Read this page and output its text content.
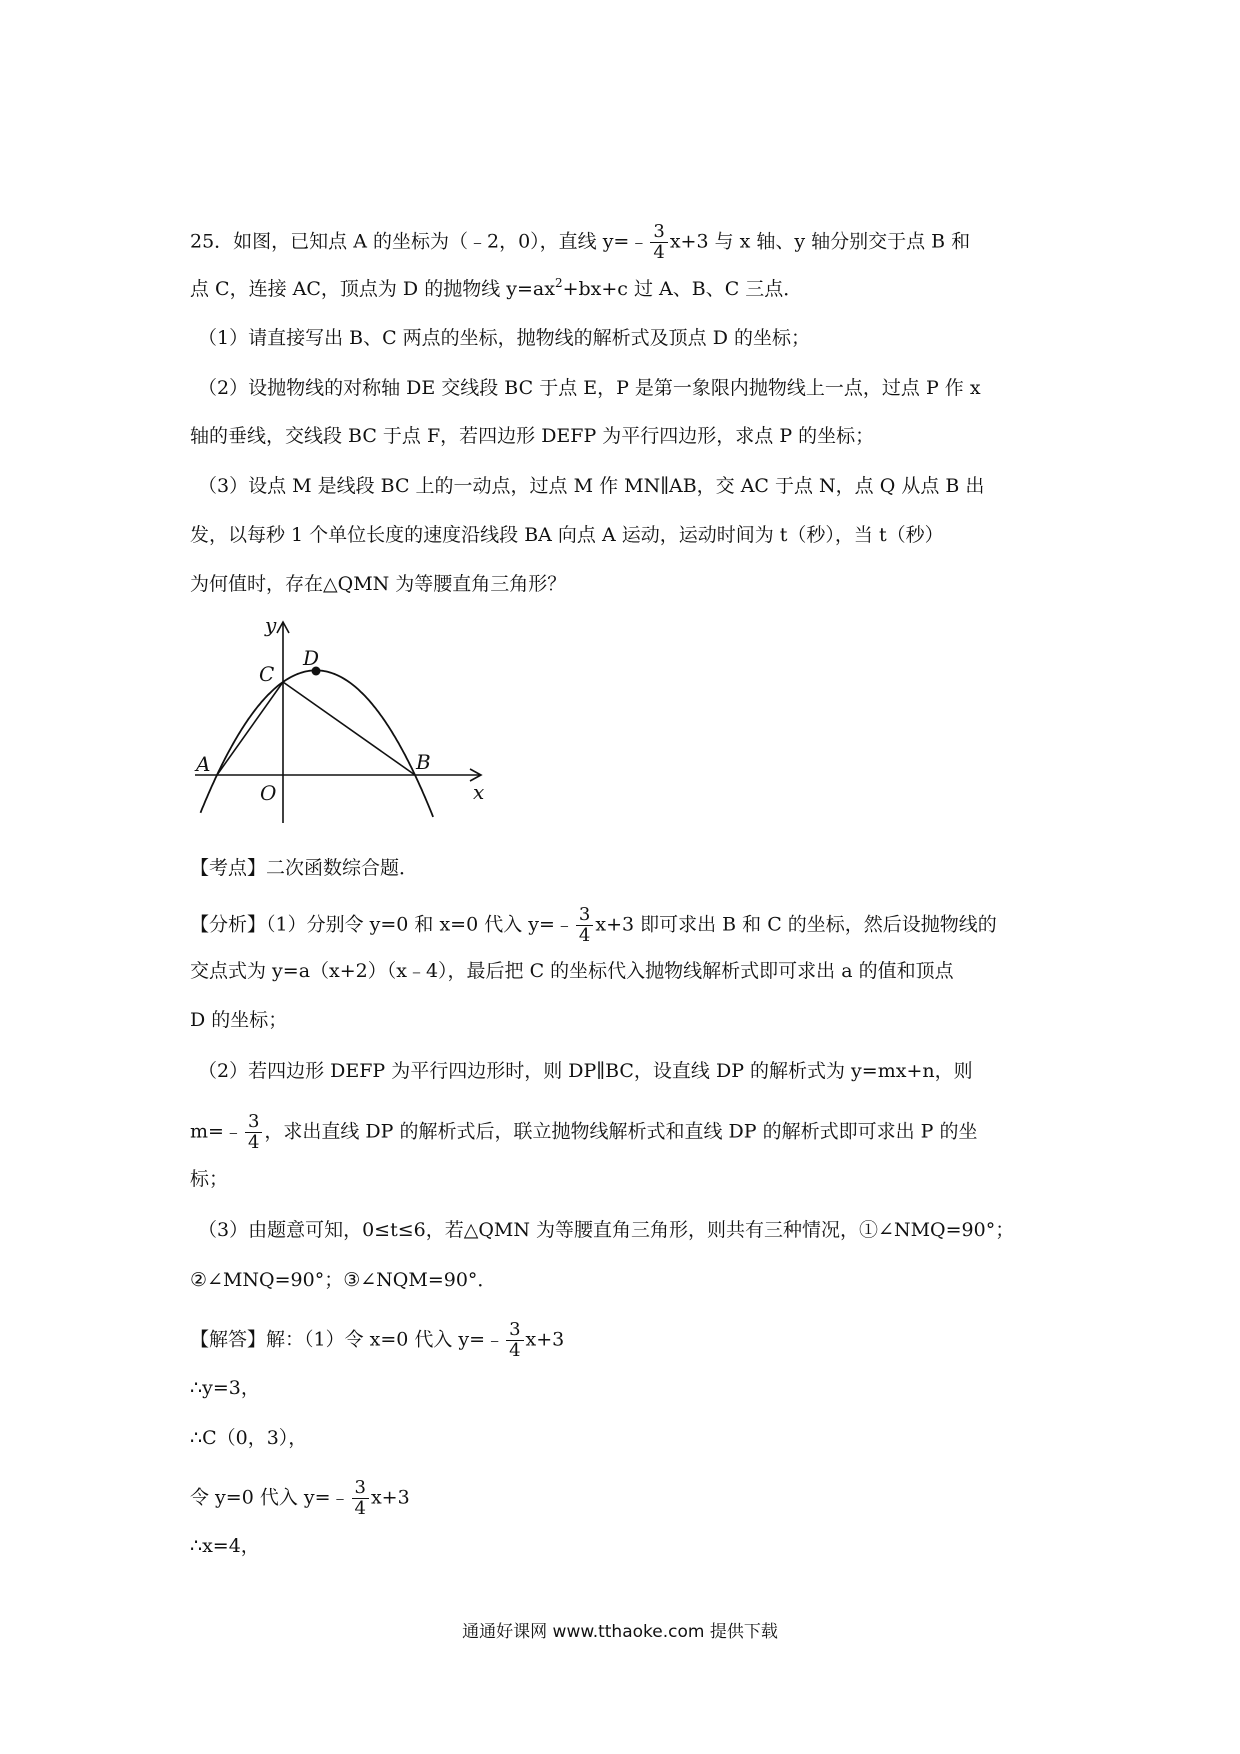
25．如图，已知点 A 的坐标为（﹣2，0），直线 y=﹣ $\frac{3}{4} x+3$ 与 x 轴、y 轴分别交于点 B 和
点 C，连接 AC，顶点为 D 的抛物线 $y=ax^2+bx+c$ 过 A、B、C 三点．
（1）请直接写出 B、C 两点的坐标，抛物线的解析式及顶点 D 的坐标；
（2）设抛物线的对称轴 DE 交线段 BC 于点 E，P 是第一象限内抛物线上一点，过点 P 作 x
轴的垂线，交线段 BC 于点 F，若四边形 DEFP 为平行四边形，求点 P 的坐标；
（3）设点 M 是线段 BC 上的一动点，过点 M 作 MN∥AB，交 AC 于点 N，点 Q 从点 B 出
发，以每秒 1 个单位长度的速度沿线段 BA 向点 A 运动，运动时间为 t（秒），当 t（秒）
为何值时，存在△QMN 为等腰直角三角形？
y
x
A	B
C
D
O
【考点】二次函数综合题．
【分析】（1）分别令 y=0 和 x=0 代入 y=﹣ $\frac{3}{4} x+3$ 即可求出 B 和 C 的坐标，然后设抛物线的
交点式为 y=a（x+2）（x﹣4），最后把 C 的坐标代入抛物线解析式即可求出 a 的值和顶点
D 的坐标；
（2）若四边形 DEFP 为平行四边形时，则 DP∥BC，设直线 DP 的解析式为 y=mx+n，则
m=﹣ $\frac{3}{4}$ ，求出直线 DP 的解析式后，联立抛物线解析式和直线 DP 的解析式即可求出 P 的坐
标；
（3）由题意可知，0≤t≤6，若△QMN 为等腰直角三角形，则共有三种情况，①∠NMQ=90°；
②∠MNQ=90°；③∠NQM=90°．
【解答】解：（1）令 x=0 代入 y=﹣ $\frac{3}{4} x+3$
∴y=3，
∴C（0，3），
令 y=0 代入 y=﹣ $\frac{3}{4} x+3$
∴x=4，
通通好课网 www.tthaoke.com 提供下载
